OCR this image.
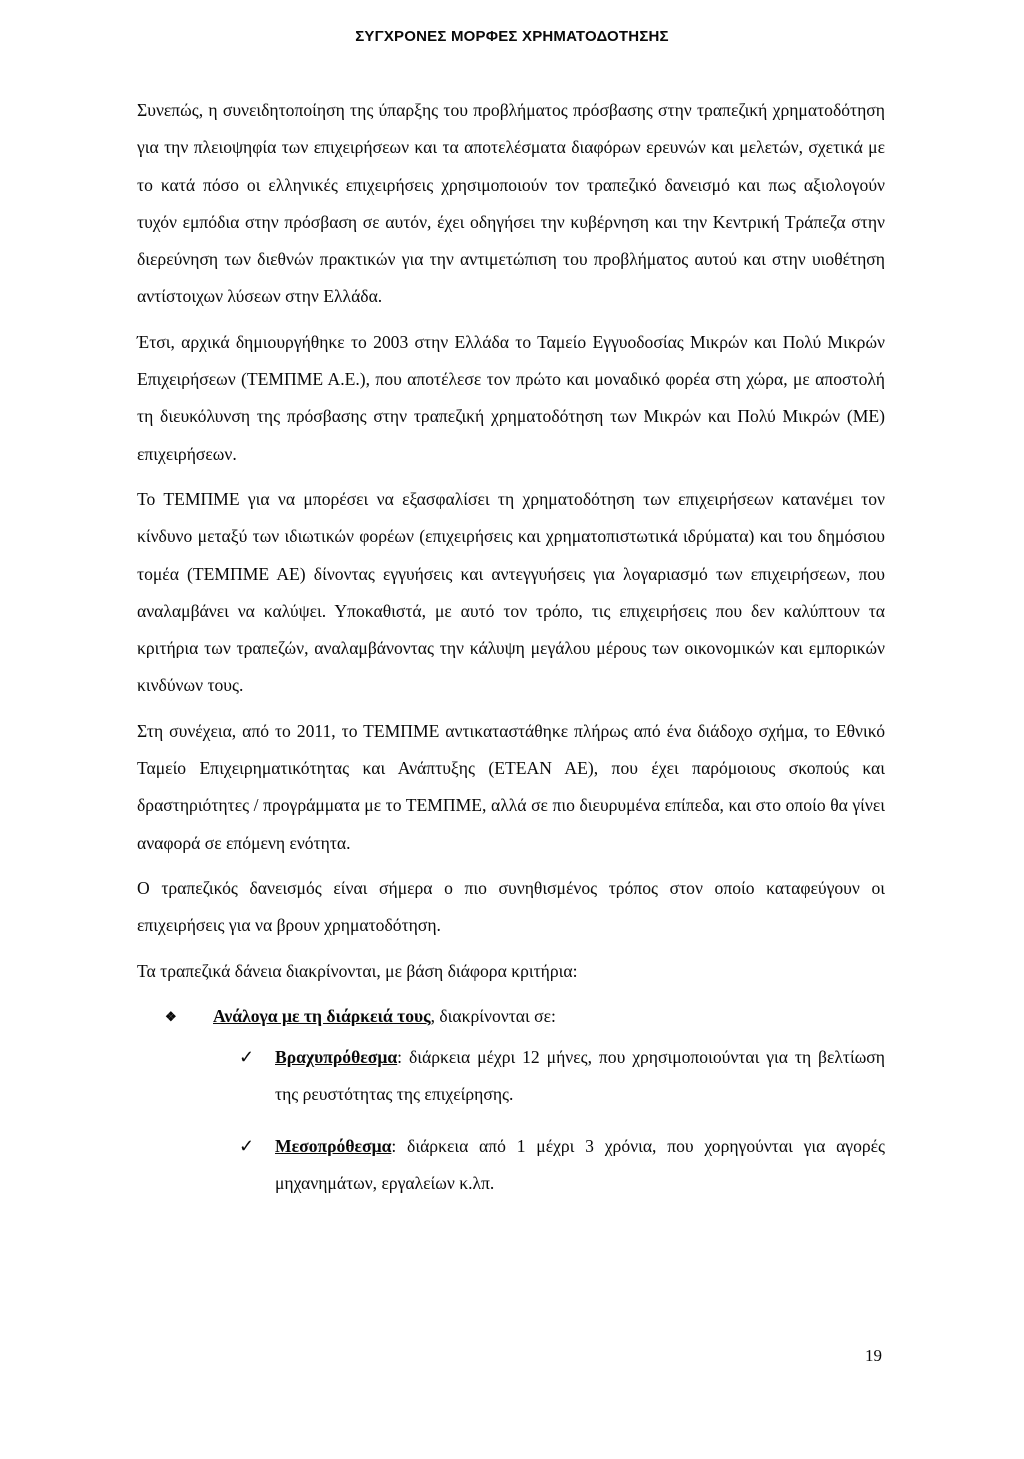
ΣΥΓΧΡΟΝΕΣ ΜΟΡΦΕΣ ΧΡΗΜΑΤΟΔΟΤΗΣΗΣ

Συνεπώς, η συνειδητοποίηση της ύπαρξης του προβλήματος πρόσβασης στην τραπεζική χρηματοδότηση για την πλειοψηφία των επιχειρήσεων και τα αποτελέσματα διαφόρων ερευνών και μελετών, σχετικά με το κατά πόσο οι ελληνικές επιχειρήσεις χρησιμοποιούν τον τραπεζικό δανεισμό και πως αξιολογούν τυχόν εμπόδια στην πρόσβαση σε αυτόν, έχει οδηγήσει την κυβέρνηση και την Κεντρική Τράπεζα στην διερεύνηση των διεθνών πρακτικών για την αντιμετώπιση του προβλήματος αυτού και στην υιοθέτηση αντίστοιχων λύσεων στην Ελλάδα.

Έτσι, αρχικά δημιουργήθηκε το 2003 στην Ελλάδα το Ταμείο Εγγυοδοσίας Μικρών και Πολύ Μικρών Επιχειρήσεων (ΤΕΜΠΜΕ Α.Ε.), που αποτέλεσε τον πρώτο και μοναδικό φορέα στη χώρα, με αποστολή τη διευκόλυνση της πρόσβασης στην τραπεζική χρηματοδότηση των Μικρών και Πολύ Μικρών (ΜΕ) επιχειρήσεων.

Το ΤΕΜΠΜΕ για να μπορέσει να εξασφαλίσει τη χρηματοδότηση των επιχειρήσεων κατανέμει τον κίνδυνο μεταξύ των ιδιωτικών φορέων (επιχειρήσεις και χρηματοπιστωτικά ιδρύματα) και του δημόσιου τομέα (ΤΕΜΠΜΕ ΑΕ) δίνοντας εγγυήσεις και αντεγγυήσεις για λογαριασμό των επιχειρήσεων, που αναλαμβάνει να καλύψει. Υποκαθιστά, με αυτό τον τρόπο, τις επιχειρήσεις που δεν καλύπτουν τα κριτήρια των τραπεζών, αναλαμβάνοντας την κάλυψη μεγάλου μέρους των οικονομικών και εμπορικών κινδύνων τους.

Στη συνέχεια, από το 2011, το ΤΕΜΠΜΕ αντικαταστάθηκε πλήρως από ένα διάδοχο σχήμα, το Εθνικό Ταμείο Επιχειρηματικότητας και Ανάπτυξης (ΕΤΕΑΝ ΑΕ), που έχει παρόμοιους σκοπούς και δραστηριότητες / προγράμματα με το ΤΕΜΠΜΕ, αλλά σε πιο διευρυμένα επίπεδα, και στο οποίο θα γίνει αναφορά σε επόμενη ενότητα.

Ο τραπεζικός δανεισμός είναι σήμερα ο πιο συνηθισμένος τρόπος στον οποίο καταφεύγουν οι επιχειρήσεις για να βρουν χρηματοδότηση.

Τα τραπεζικά δάνεια διακρίνονται, με βάση διάφορα κριτήρια:

❖ Ανάλογα με τη διάρκειά τους, διακρίνονται σε:
✓ Βραχυπρόθεσμα: διάρκεια μέχρι 12 μήνες, που χρησιμοποιούνται για τη βελτίωση της ρευστότητας της επιχείρησης.
✓ Μεσοπρόθεσμα: διάρκεια από 1 μέχρι 3 χρόνια, που χορηγούνται για αγορές μηχανημάτων, εργαλείων κ.λπ.
19
